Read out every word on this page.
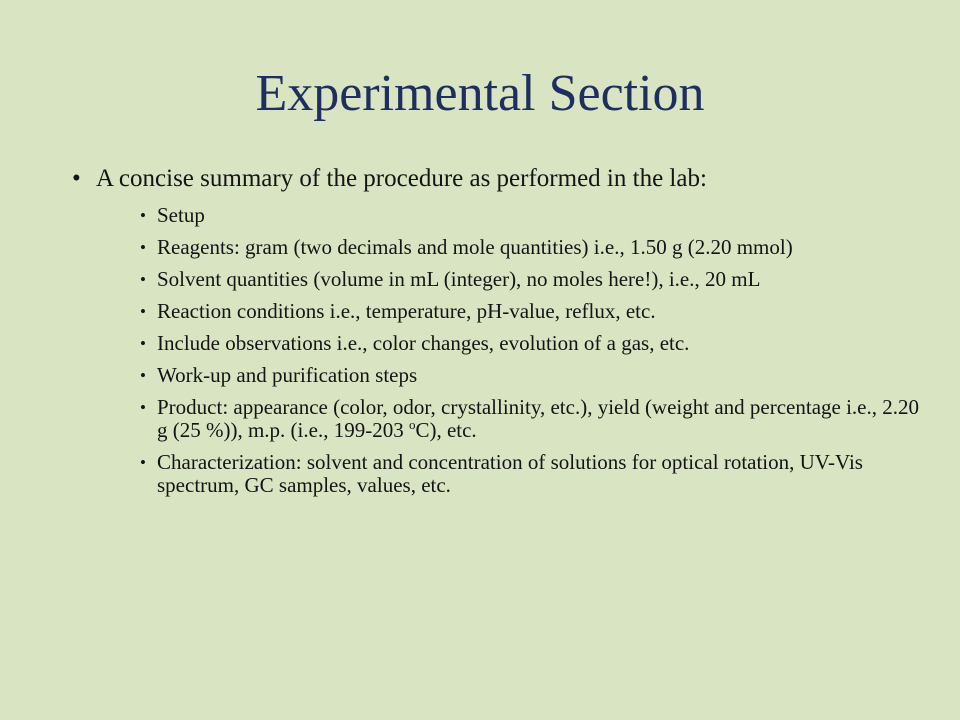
Experimental Section
• A concise summary of the procedure as performed in the lab:
• Setup
• Reagents: gram (two decimals and mole quantities) i.e., 1.50 g (2.20 mmol)
• Solvent quantities (volume in mL (integer), no moles here!), i.e., 20 mL
• Reaction conditions i.e., temperature, pH-value, reflux, etc.
• Include observations i.e., color changes, evolution of a gas, etc.
• Work-up and purification steps
• Product: appearance (color, odor, crystallinity, etc.), yield (weight and percentage i.e., 2.20 g (25 %)), m.p. (i.e., 199-203 $^o$C), etc.
• Characterization: solvent and concentration of solutions for optical rotation, UV-Vis spectrum, GC samples, values, etc.
